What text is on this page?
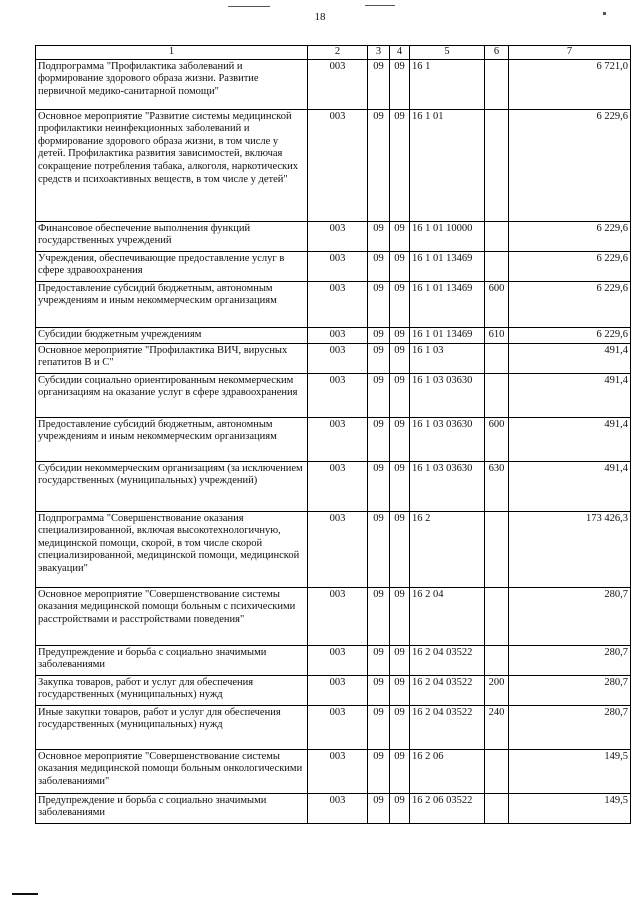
18
1	2	3	4	5	6	7
Подпрограмма "Профилактика заболеваний и формирование здорового образа жизни. Развитие первичной медико-санитарной помощи"	003	09	09	16 1		6 721,0
Основное мероприятие "Развитие системы медицинской профилактики неинфекционных заболеваний и формирование здорового образа жизни, в том числе у детей. Профилактика развития зависимостей, включая сокращение потребления табака, алкоголя, наркотических средств и психоактивных веществ, в том числе у детей"	003	09	09	16 1 01		6 229,6
Финансовое обеспечение выполнения функций государственных учреждений	003	09	09	16 1 01 10000		6 229,6
Учреждения, обеспечивающие предоставление услуг в сфере здравоохранения	003	09	09	16 1 01 13469		6 229,6
Предоставление субсидий бюджетным, автономным учреждениям и иным некоммерческим организациям	003	09	09	16 1 01 13469	600	6 229,6
Субсидии бюджетным учреждениям	003	09	09	16 1 01 13469	610	6 229,6
Основное мероприятие "Профилактика ВИЧ, вирусных гепатитов В и С"	003	09	09	16 1 03		491,4
Субсидии социально ориентированным некоммерческим организациям на оказание услуг в сфере здравоохранения	003	09	09	16 1 03 03630		491,4
Предоставление субсидий бюджетным, автономным учреждениям и иным некоммерческим организациям	003	09	09	16 1 03 03630	600	491,4
Субсидии некоммерческим организациям (за исключением государственных (муниципальных) учреждений)	003	09	09	16 1 03 03630	630	491,4
Подпрограмма "Совершенствование оказания специализированной, включая высокотехнологичную, медицинской помощи, скорой, в том числе скорой специализированной, медицинской помощи, медицинской эвакуации"	003	09	09	16 2		173 426,3
Основное мероприятие "Совершенствование системы оказания медицинской помощи больным с психическими расстройствами и расстройствами поведения"	003	09	09	16 2 04		280,7
Предупреждение и борьба с социально значимыми заболеваниями	003	09	09	16 2 04 03522		280,7
Закупка товаров, работ и услуг для обеспечения государственных (муниципальных) нужд	003	09	09	16 2 04 03522	200	280,7
Иные закупки товаров, работ и услуг для обеспечения государственных (муниципальных) нужд	003	09	09	16 2 04 03522	240	280,7
Основное мероприятие "Совершенствование системы оказания медицинской помощи больным онкологическими заболеваниями"	003	09	09	16 2 06		149,5
Предупреждение и борьба с социально значимыми заболеваниями	003	09	09	16 2 06 03522		149,5
